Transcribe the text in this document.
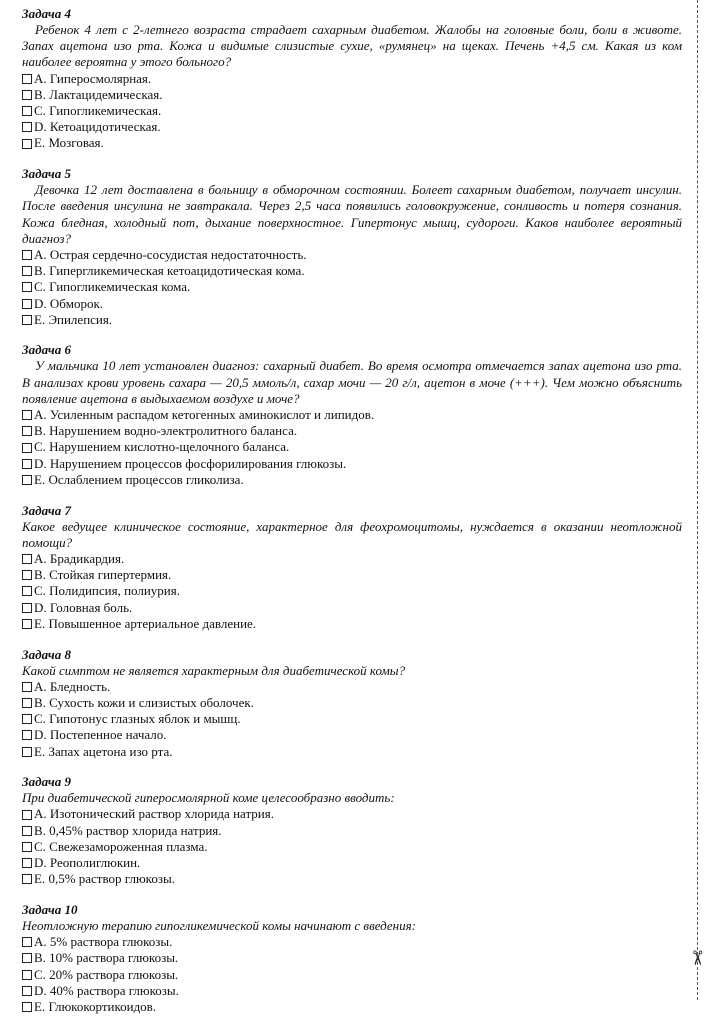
Задача 4
Ребенок 4 лет с 2-летнего возраста страдает сахарным диабетом. Жалобы на головные боли, боли в животе. Запах ацетона изо рта. Кожа и видимые слизистые сухие, «румянец» на щеках. Печень +4,5 см. Какая из ком наиболее вероятна у этого больного?
A. Гиперосмолярная.
B. Лактацидемическая.
C. Гипогликемическая.
D. Кетоацидотическая.
E. Мозговая.
Задача 5
Девочка 12 лет доставлена в больницу в обморочном состоянии. Болеет сахарным диабетом, получает инсулин. После введения инсулина не завтракала. Через 2,5 часа появились головокружение, сонливость и потеря сознания. Кожа бледная, холодный пот, дыхание поверхностное. Гипертонус мышц, судороги. Каков наиболее вероятный диагноз?
A. Острая сердечно-сосудистая недостаточность.
B. Гипергликемическая кетоацидотическая кома.
C. Гипогликемическая кома.
D. Обморок.
E. Эпилепсия.
Задача 6
У мальчика 10 лет установлен диагноз: сахарный диабет. Во время осмотра отмечается запах ацетона изо рта. В анализах крови уровень сахара — 20,5 ммоль/л, сахар мочи — 20 г/л, ацетон в моче (+++). Чем можно объяснить появление ацетона в выдыхаемом воздухе и моче?
A. Усиленным распадом кетогенных аминокислот и липидов.
B. Нарушением водно-электролитного баланса.
C. Нарушением кислотно-щелочного баланса.
D. Нарушением процессов фосфорилирования глюкозы.
E. Ослаблением процессов гликолиза.
Задача 7
Какое ведущее клиническое состояние, характерное для феохромоцитомы, нуждается в оказании неотложной помощи?
A. Брадикардия.
B. Стойкая гипертермия.
C. Полидипсия, полиурия.
D. Головная боль.
E. Повышенное артериальное давление.
Задача 8
Какой симптом не является характерным для диабетической комы?
A. Бледность.
B. Сухость кожи и слизистых оболочек.
C. Гипотонус глазных яблок и мышц.
D. Постепенное начало.
E. Запах ацетона изо рта.
Задача 9
При диабетической гиперосмолярной коме целесообразно вводить:
A. Изотонический раствор хлорида натрия.
B. 0,45% раствор хлорида натрия.
C. Свежезамороженная плазма.
D. Реополиглюкин.
E. 0,5% раствор глюкозы.
Задача 10
Неотложную терапию гипогликемической комы начинают с введения:
A. 5% раствора глюкозы.
B. 10% раствора глюкозы.
C. 20% раствора глюкозы.
D. 40% раствора глюкозы.
E. Глюкокортикоидов.
✂
